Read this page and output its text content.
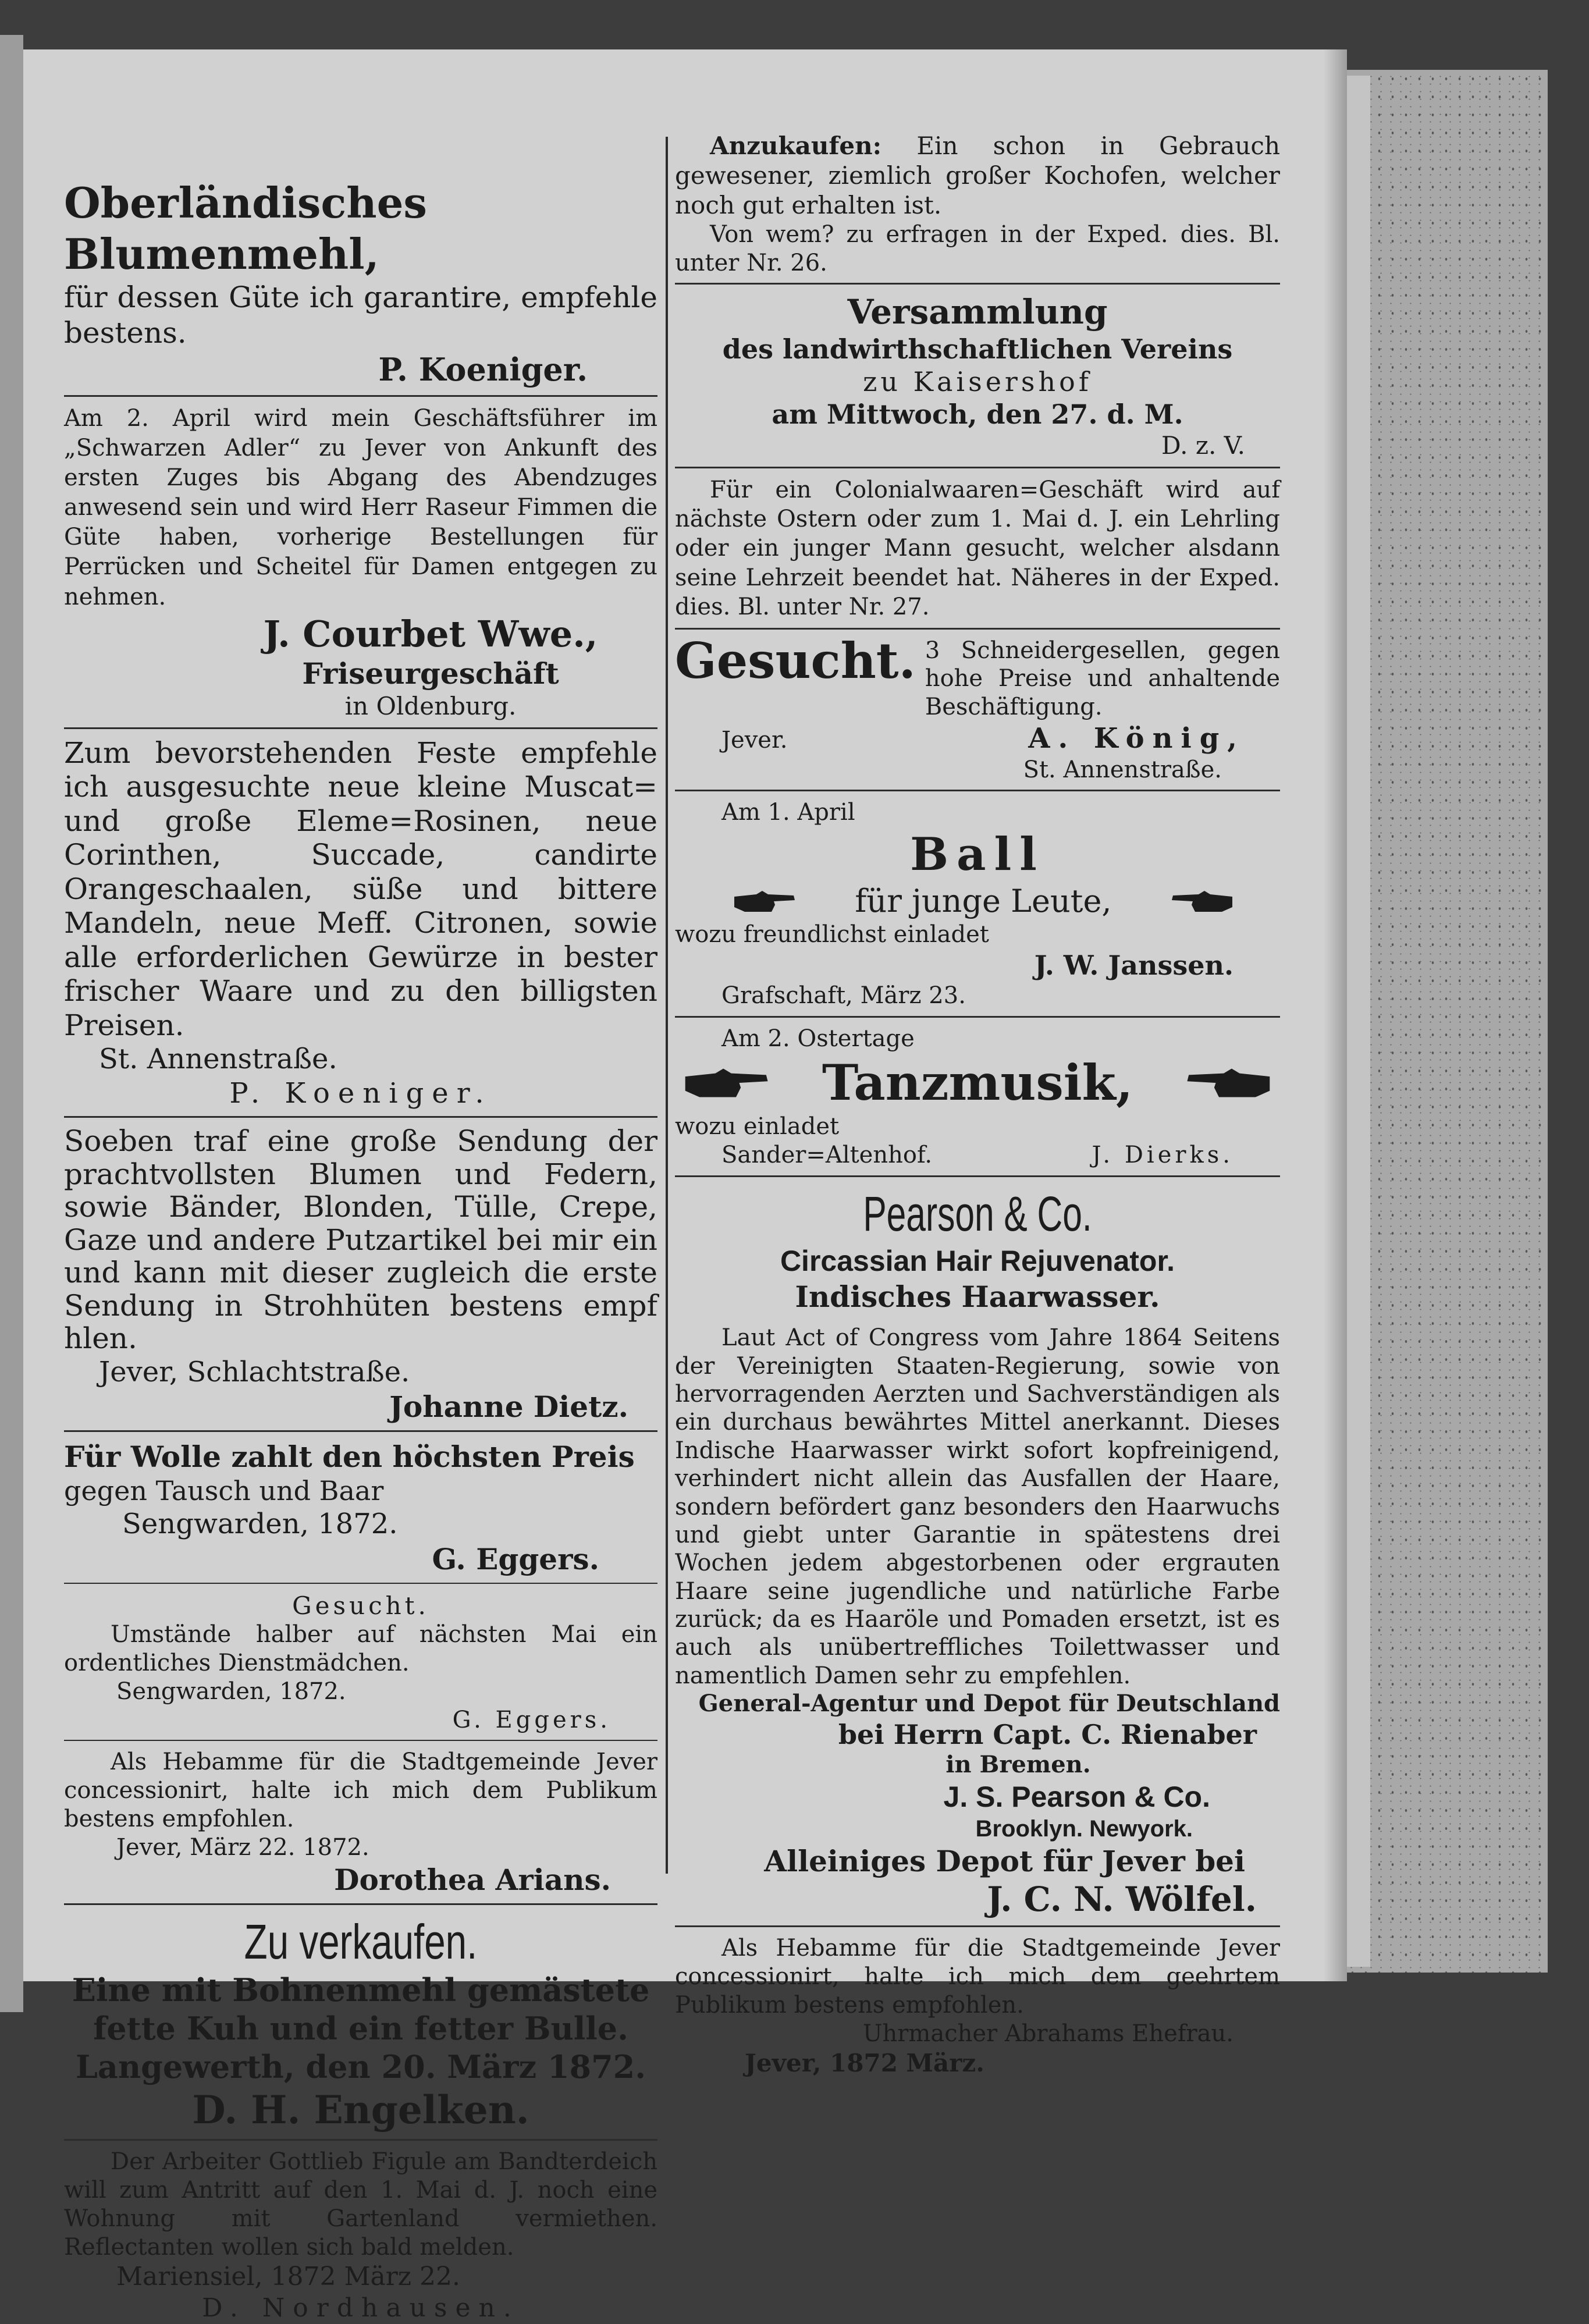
Oberländisches Blumenmehl,

für dessen Güte ich garantire, empfehle bestens.

P. Koeniger.

Am 2. April wird mein Geschäftsführer im „Schwarzen Adler“ zu Jever von Ankunft des ersten Zuges bis Abgang des Abendzuges anwesend sein und wird Herr Raseur Fimmen die Güte haben, vorherige Bestellungen für Perrücken und Scheitel für Damen entgegen zu nehmen.

J. Courbet Wwe.,

Friseurgeschäft

in Oldenburg.

Zum bevorstehenden Feste empfehle ich ausgesuchte neue kleine Muscat= und große Eleme=Rosinen, neue Corinthen, Succade, candirte Orangeschaalen, süße und bittere Mandeln, neue Meff. Citronen, sowie alle erforderlichen Gewürze in bester frischer Waare und zu den billigsten Preisen.

St. Annenstraße.

P. Koeniger.

Soeben traf eine große Sendung der prachtvollsten Blumen und Federn, sowie Bänder, Blonden, Tülle, Crepe, Gaze und andere Putzartikel bei mir ein und kann mit dieser zugleich die erste Sendung in Strohhüten bestens empf hlen.

Jever, Schlachtstraße.

Johanne Dietz.

Für Wolle zahlt den höchsten Preis

gegen Tausch und Baar

Sengwarden, 1872.

G. Eggers.

Gesucht.

Umstände halber auf nächsten Mai ein ordentliches Dienstmädchen.

Sengwarden, 1872.

G. Eggers.

Als Hebamme für die Stadtgemeinde Jever concessionirt, halte ich mich dem Publikum bestens empfohlen.

Jever, März 22. 1872.

Dorothea Arians.

Zu verkaufen.

Eine mit Bohnenmehl gemästete

fette Kuh und ein fetter Bulle.

Langewerth, den 20. März 1872.

D. H. Engelken.

Der Arbeiter Gottlieb Figule am Bandterdeich will zum Antritt auf den 1. Mai d. J. noch eine Wohnung mit Gartenland vermiethen. Reflectanten wollen sich bald melden.

Mariensiel, 1872 März 22.

D. Nordhausen.

Anzukaufen: Ein schon in Gebrauch gewesener, ziemlich großer Kochofen, welcher noch gut erhalten ist.

Von wem? zu erfragen in der Exped. dies. Bl. unter Nr. 26.

Versammlung

des landwirthschaftlichen Vereins

zu Kaisershof

am Mittwoch, den 27. d. M.

D. z. V.

Für ein Colonialwaaren=Geschäft wird auf nächste Ostern oder zum 1. Mai d. J. ein Lehrling oder ein junger Mann gesucht, welcher alsdann seine Lehrzeit beendet hat. Näheres in der Exped. dies. Bl. unter Nr. 27.

Gesucht. 3 Schneidergesellen, gegen hohe Preise und anhaltende Beschäftigung.
Jever.	A. König,

St. Annenstraße.

Am 1. April

Ball

für junge Leute,

wozu freundlichst einladet

J. W. Janssen.

Grafschaft, März 23.

Am 2. Ostertage

Tanzmusik,

wozu einladet

Sander=Altenhof.	J. Dierks.

Pearson & Co.

Circassian Hair Rejuvenator.

Indisches Haarwasser.

Laut Act of Congress vom Jahre 1864 Seitens der Vereinigten Staaten-Regierung, sowie von hervorragenden Aerzten und Sachverständigen als ein durchaus bewährtes Mittel anerkannt. Dieses Indische Haarwasser wirkt sofort kopfreinigend, verhindert nicht allein das Ausfallen der Haare, sondern befördert ganz besonders den Haarwuchs und giebt unter Garantie in spätestens drei Wochen jedem abgestorbenen oder ergrauten Haare seine jugendliche und natürliche Farbe zurück; da es Haaröle und Pomaden ersetzt, ist es auch als unübertreffliches Toilettwasser und namentlich Damen sehr zu empfehlen.

General-Agentur und Depot für Deutschland

bei Herrn Capt. C. Rienaber

in Bremen.

J. S. Pearson & Co.

Brooklyn. Newyork.

Alleiniges Depot für Jever bei

J. C. N. Wölfel.

Als Hebamme für die Stadtgemeinde Jever concessionirt, halte ich mich dem geehrtem Publikum bestens empfohlen.

Uhrmacher Abrahams Ehefrau.

Jever, 1872 März.
